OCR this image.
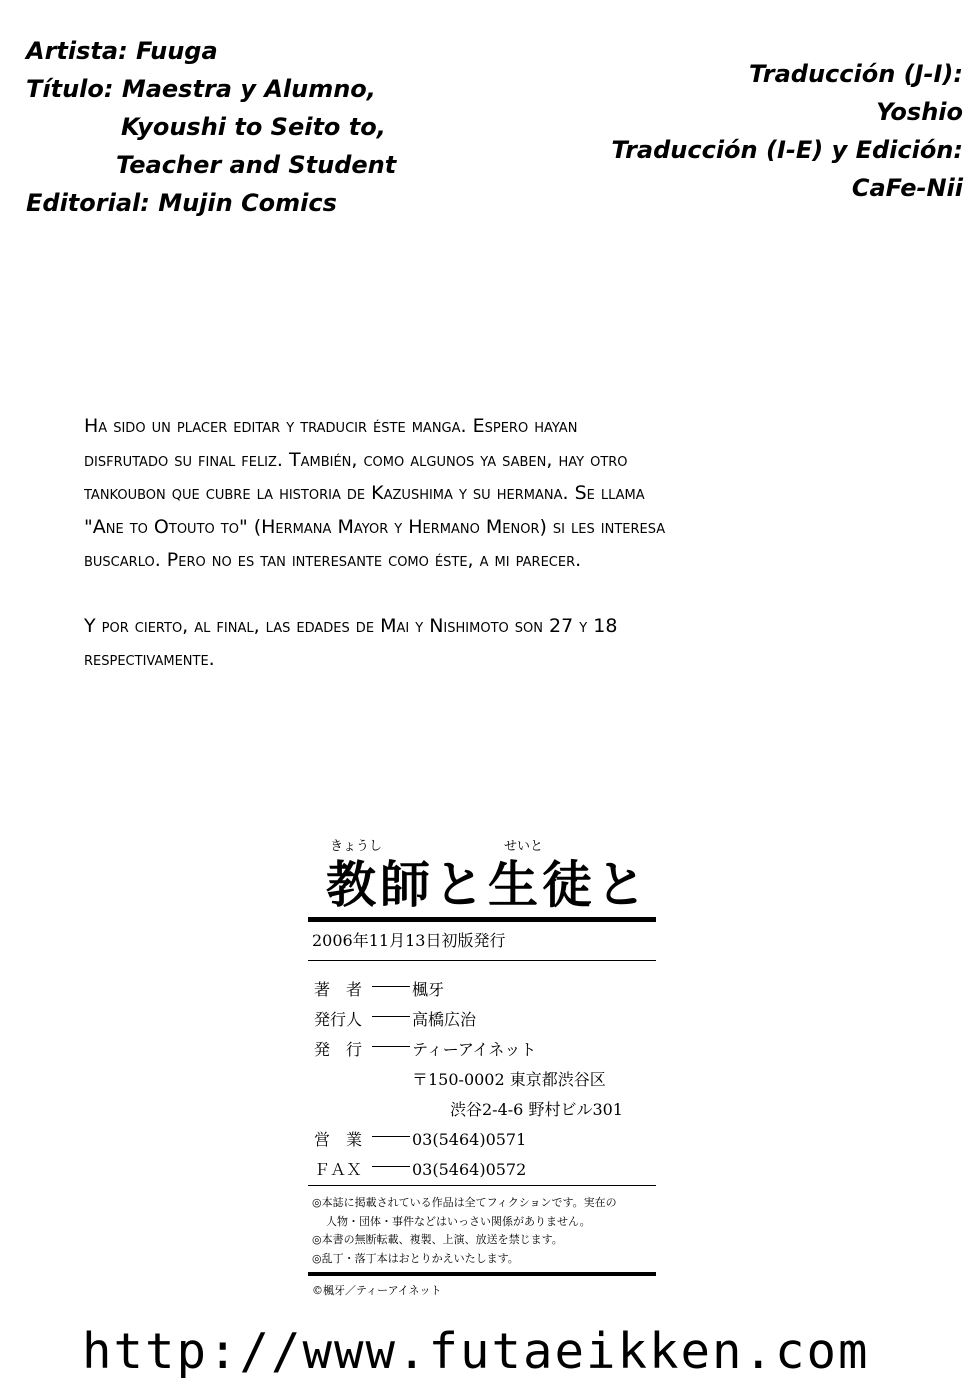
Artista: Fuuga
Título: Maestra y Alumno,
Kyoushi to Seito to,
Teacher and Student
Editorial: Mujin Comics
Traducción (J-I):
Yoshio
Traducción (I-E) y Edición:
CaFe-Nii

Ha sido un placer editar y traducir éste manga. Espero hayan
disfrutado su final feliz. También, como algunos ya saben, hay otro
tankoubon que cubre la historia de Kazushima y su hermana. Se llama
"Ane to Otouto to" (Hermana Mayor y Hermano Menor) si les interesa
buscarlo. Pero no es tan interesante como éste, a mi parecer.

Y por cierto, al final, las edades de Mai y Nishimoto son 27 y 18
respectivamente.

きょうし	せいと
教師と生徒と
2006年11月13日初版発行
著　者	楓牙
発行人	高橋広治
発　行	ティーアイネット
〒150-0002 東京都渋谷区
渋谷2-4-6 野村ビル301
営　業	03(5464)0571
ＦＡＸ	03(5464)0572
◎本誌に掲載されている作品は全てフィクションです。実在の
人物・団体・事件などはいっさい関係がありません。
◎本書の無断転載、複製、上演、放送を禁じます。
◎乱丁・落丁本はおとりかえいたします。
©楓牙／ティーアイネット
http://www.futaeikken.com
